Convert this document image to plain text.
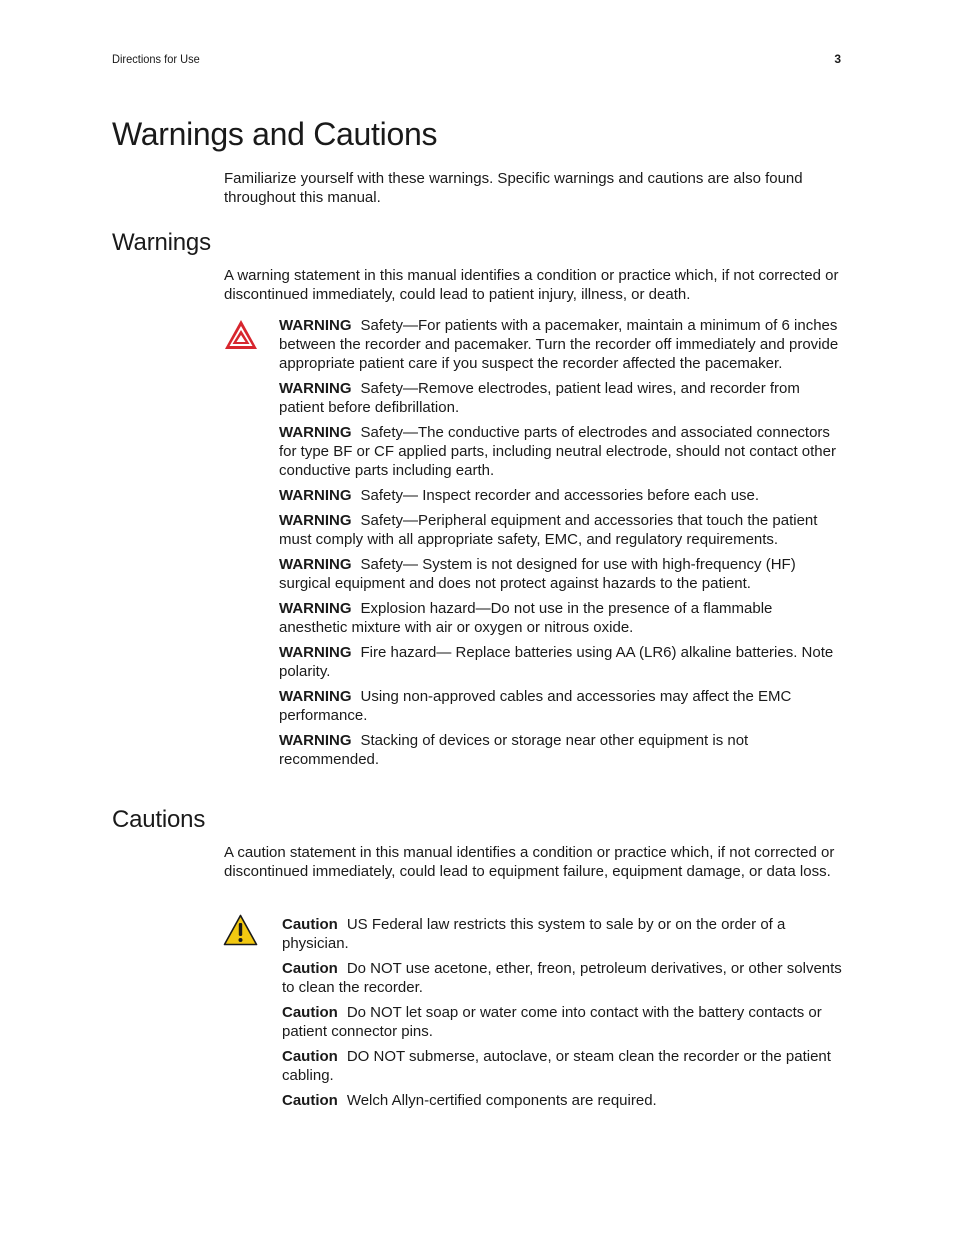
Directions for Use	3
Warnings and Cautions

Familiarize yourself with these warnings. Specific warnings and cautions are also found throughout this manual.

Warnings

A warning statement in this manual identifies a condition or practice which, if not corrected or discontinued immediately, could lead to patient injury, illness, or death.

WARNING Safety—For patients with a pacemaker, maintain a minimum of 6 inches between the recorder and pacemaker. Turn the recorder off immediately and provide appropriate patient care if you suspect the recorder affected the pacemaker.

WARNING Safety—Remove electrodes, patient lead wires, and recorder from patient before defibrillation.

WARNING Safety—The conductive parts of electrodes and associated connectors for type BF or CF applied parts, including neutral electrode, should not contact other conductive parts including earth.

WARNING Safety— Inspect recorder and accessories before each use.

WARNING Safety—Peripheral equipment and accessories that touch the patient must comply with all appropriate safety, EMC, and regulatory requirements.

WARNING Safety— System is not designed for use with high-frequency (HF) surgical equipment and does not protect against hazards to the patient.

WARNING Explosion hazard—Do not use in the presence of a flammable anesthetic mixture with air or oxygen or nitrous oxide.

WARNING Fire hazard— Replace batteries using AA (LR6) alkaline batteries. Note polarity.

WARNING Using non-approved cables and accessories may affect the EMC performance.

WARNING Stacking of devices or storage near other equipment is not recommended.

Cautions

A caution statement in this manual identifies a condition or practice which, if not corrected or discontinued immediately, could lead to equipment failure, equipment damage, or data loss.

Caution US Federal law restricts this system to sale by or on the order of a physician.

Caution Do NOT use acetone, ether, freon, petroleum derivatives, or other solvents to clean the recorder.

Caution Do NOT let soap or water come into contact with the battery contacts or patient connector pins.

Caution DO NOT submerse, autoclave, or steam clean the recorder or the patient cabling.

Caution Welch Allyn-certified components are required.
